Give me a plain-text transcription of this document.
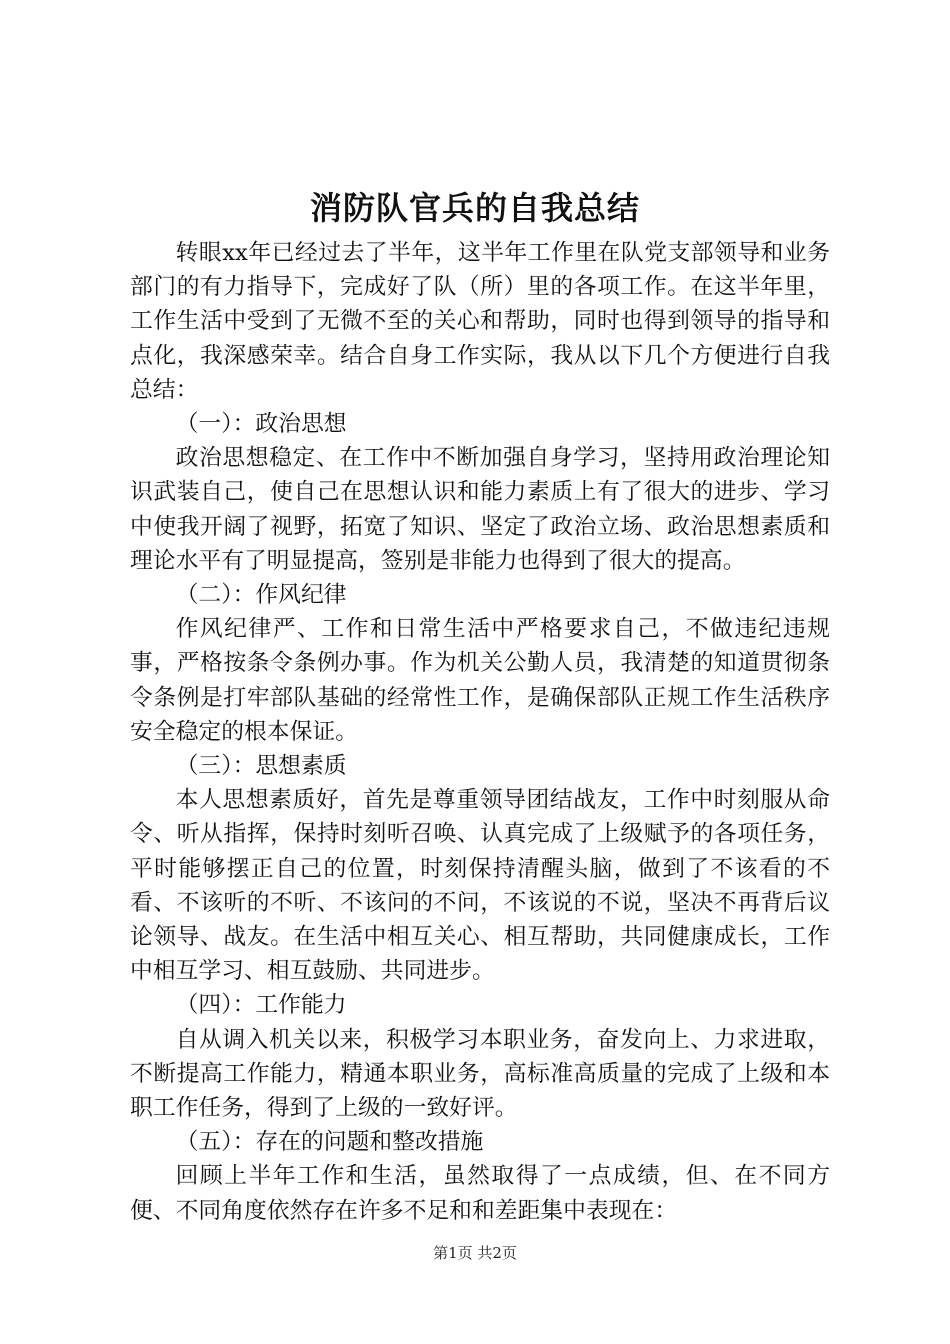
消防队官兵的自我总结

转眼xx年已经过去了半年，这半年工作里在队党支部领导和业务部门的有力指导下，完成好了队（所）里的各项工作。在这半年里，工作生活中受到了无微不至的关心和帮助，同时也得到领导的指导和点化，我深感荣幸。结合自身工作实际，我从以下几个方便进行自我总结：

（一）：政治思想

政治思想稳定、在工作中不断加强自身学习，坚持用政治理论知识武装自己，使自己在思想认识和能力素质上有了很大的进步、学习中使我开阔了视野，拓宽了知识、坚定了政治立场、政治思想素质和理论水平有了明显提高，签别是非能力也得到了很大的提高。

（二）：作风纪律

作风纪律严、工作和日常生活中严格要求自己，不做违纪违规事，严格按条令条例办事。作为机关公勤人员，我清楚的知道贯彻条令条例是打牢部队基础的经常性工作，是确保部队正规工作生活秩序安全稳定的根本保证。

（三）：思想素质

本人思想素质好，首先是尊重领导团结战友，工作中时刻服从命令、听从指挥，保持时刻听召唤、认真完成了上级赋予的各项任务，平时能够摆正自己的位置，时刻保持清醒头脑，做到了不该看的不看、不该听的不听、不该问的不问，不该说的不说，坚决不再背后议论领导、战友。在生活中相互关心、相互帮助，共同健康成长，工作中相互学习、相互鼓励、共同进步。

（四）：工作能力

自从调入机关以来，积极学习本职业务，奋发向上、力求进取，不断提高工作能力，精通本职业务，高标准高质量的完成了上级和本职工作任务，得到了上级的一致好评。

（五）：存在的问题和整改措施

回顾上半年工作和生活，虽然取得了一点成绩，但、在不同方便、不同角度依然存在许多不足和和差距集中表现在：

第1页 共2页
